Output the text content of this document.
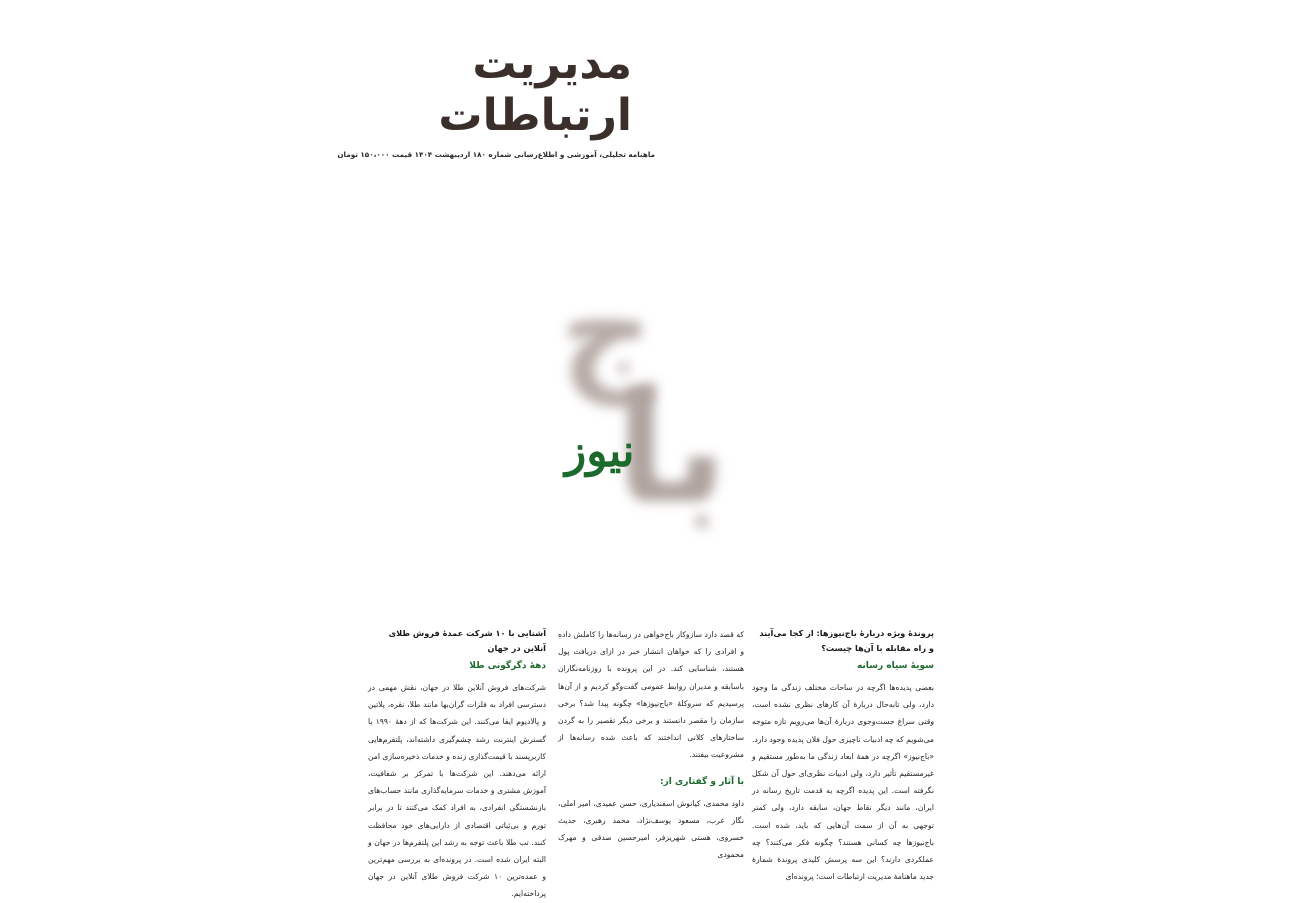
مدیریت
ارتباطات
ماهنامه تحلیلی، آموزشی و اطلاع‌رسانی شماره ۱۸۰ اردیبهشت ۱۴۰۴ قیمت ۱۵۰،۰۰۰ تومان
ج
با
نیوز
پروندهٔ ویژه دربارهٔ باج‌نیوزها: از کجا می‌آیند و راه مقابله با آن‌ها چیست؟
سویهٔ سیاه رسانه

بعضی پدیده‌ها اگرچه در ساحات مختلف زندگی ما وجود دارد، ولی تابه‌حال دربارهٔ آن کار‌های نظری نشده است، وقتی سراغ جست‌وجوی دربارهٔ آن‌ها می‌رویم تازه متوجه می‌شویم که چه ادبیات ناچیزی حول فلان پدیده وجود دارد. «باج‌نیوز» اگرچه در همهٔ ابعاد زندگی ما به‌طور مستقیم و غیرمستقیم تأثیر دارد، ولی ادبیات نظری‌ای حول آن شکل نگرفته است. این پدیده اگرچه به قدمت تاریخ رسانه در ایران، مانند دیگر نقاط جهان، سابقه دارد، ولی کمتر توجهی به آن از سمت آن‌هایی که باید، شده است. باج‌نیوزها چه کسانی هستند؟ چگونه فکر می‌کنند؟ چه عملکردی دارند؟ این سه پرسش کلیدی پروندهٔ شمارهٔ جدید ماهنامهٔ مدیریت ارتباطات است؛ پرونده‌ای

که قصد دارد سازوکار باج‌خواهی در رسانه‌ها را کاملش داده و افرادی را که خواهان انتشار خبر در ازای دریافت پول هستند، شناسایی کند. در این پرونده با روزنامه‌نگاران باسابقه و مدیران روابط عمومی گفت‌وگو کردیم و از آن‌ها پرسیدیم که سروکلهٔ «باج‌نیوزها» چگونه پیدا شد؟ برخی سازمان را مقصر دانستند و برخی دیگر تقصیر را به گردن ساختارهای کلانی انداختند که باعث شده رسانه‌ها از مشروعیت بیفتند.

با آثار و گفتاری از:

داود محمدی، کیانوش اسفندیاری، حسن عمیدی، امیر املی، نگار عرب، مسعود یوسف‌نژاد، محمد رهبری، حدیث خسروی، هستی شهریزفر، امیرحسین صدقی و مهرک محمودی

آشنایی با ۱۰ شرکت عمدهٔ فروش طلای آنلاین در جهان
دههٔ دگرگونی طلا

شرکت‌های فروش آنلاین طلا در جهان، نقش مهمی در دسترسی افراد به فلزات گران‌بها مانند طلا، نقره، پلاتین و پالادیوم ایفا می‌کنند. این شرکت‌ها که از دههٔ ۱۹۹۰ با گسترش اینترنت رشد چشم‌گیری داشته‌اند، پلتفرم‌هایی کاربرپسند با قیمت‌گذاری زنده و خدمات ذخیره‌سازی امن ارائه می‌دهند. این شرکت‌ها با تمرکز بر شفافیت، آموزش مشتری و خدمات سرمایه‌گذاری مانند حساب‌های بازنشستگی انفرادی، به افراد کمک می‌کنند تا در برابر تورم و بی‌ثباتی اقتصادی از دارایی‌های خود محافظت کنند. تب طلا باعث توجه به رشد این پلتفرم‌ها در جهان و البته ایران شده است. در پرونده‌ای به بررسی مهم‌ترین و عمده‌ترین ۱۰ شرکت فروش طلای آنلاین در جهان پرداخته‌ایم.
